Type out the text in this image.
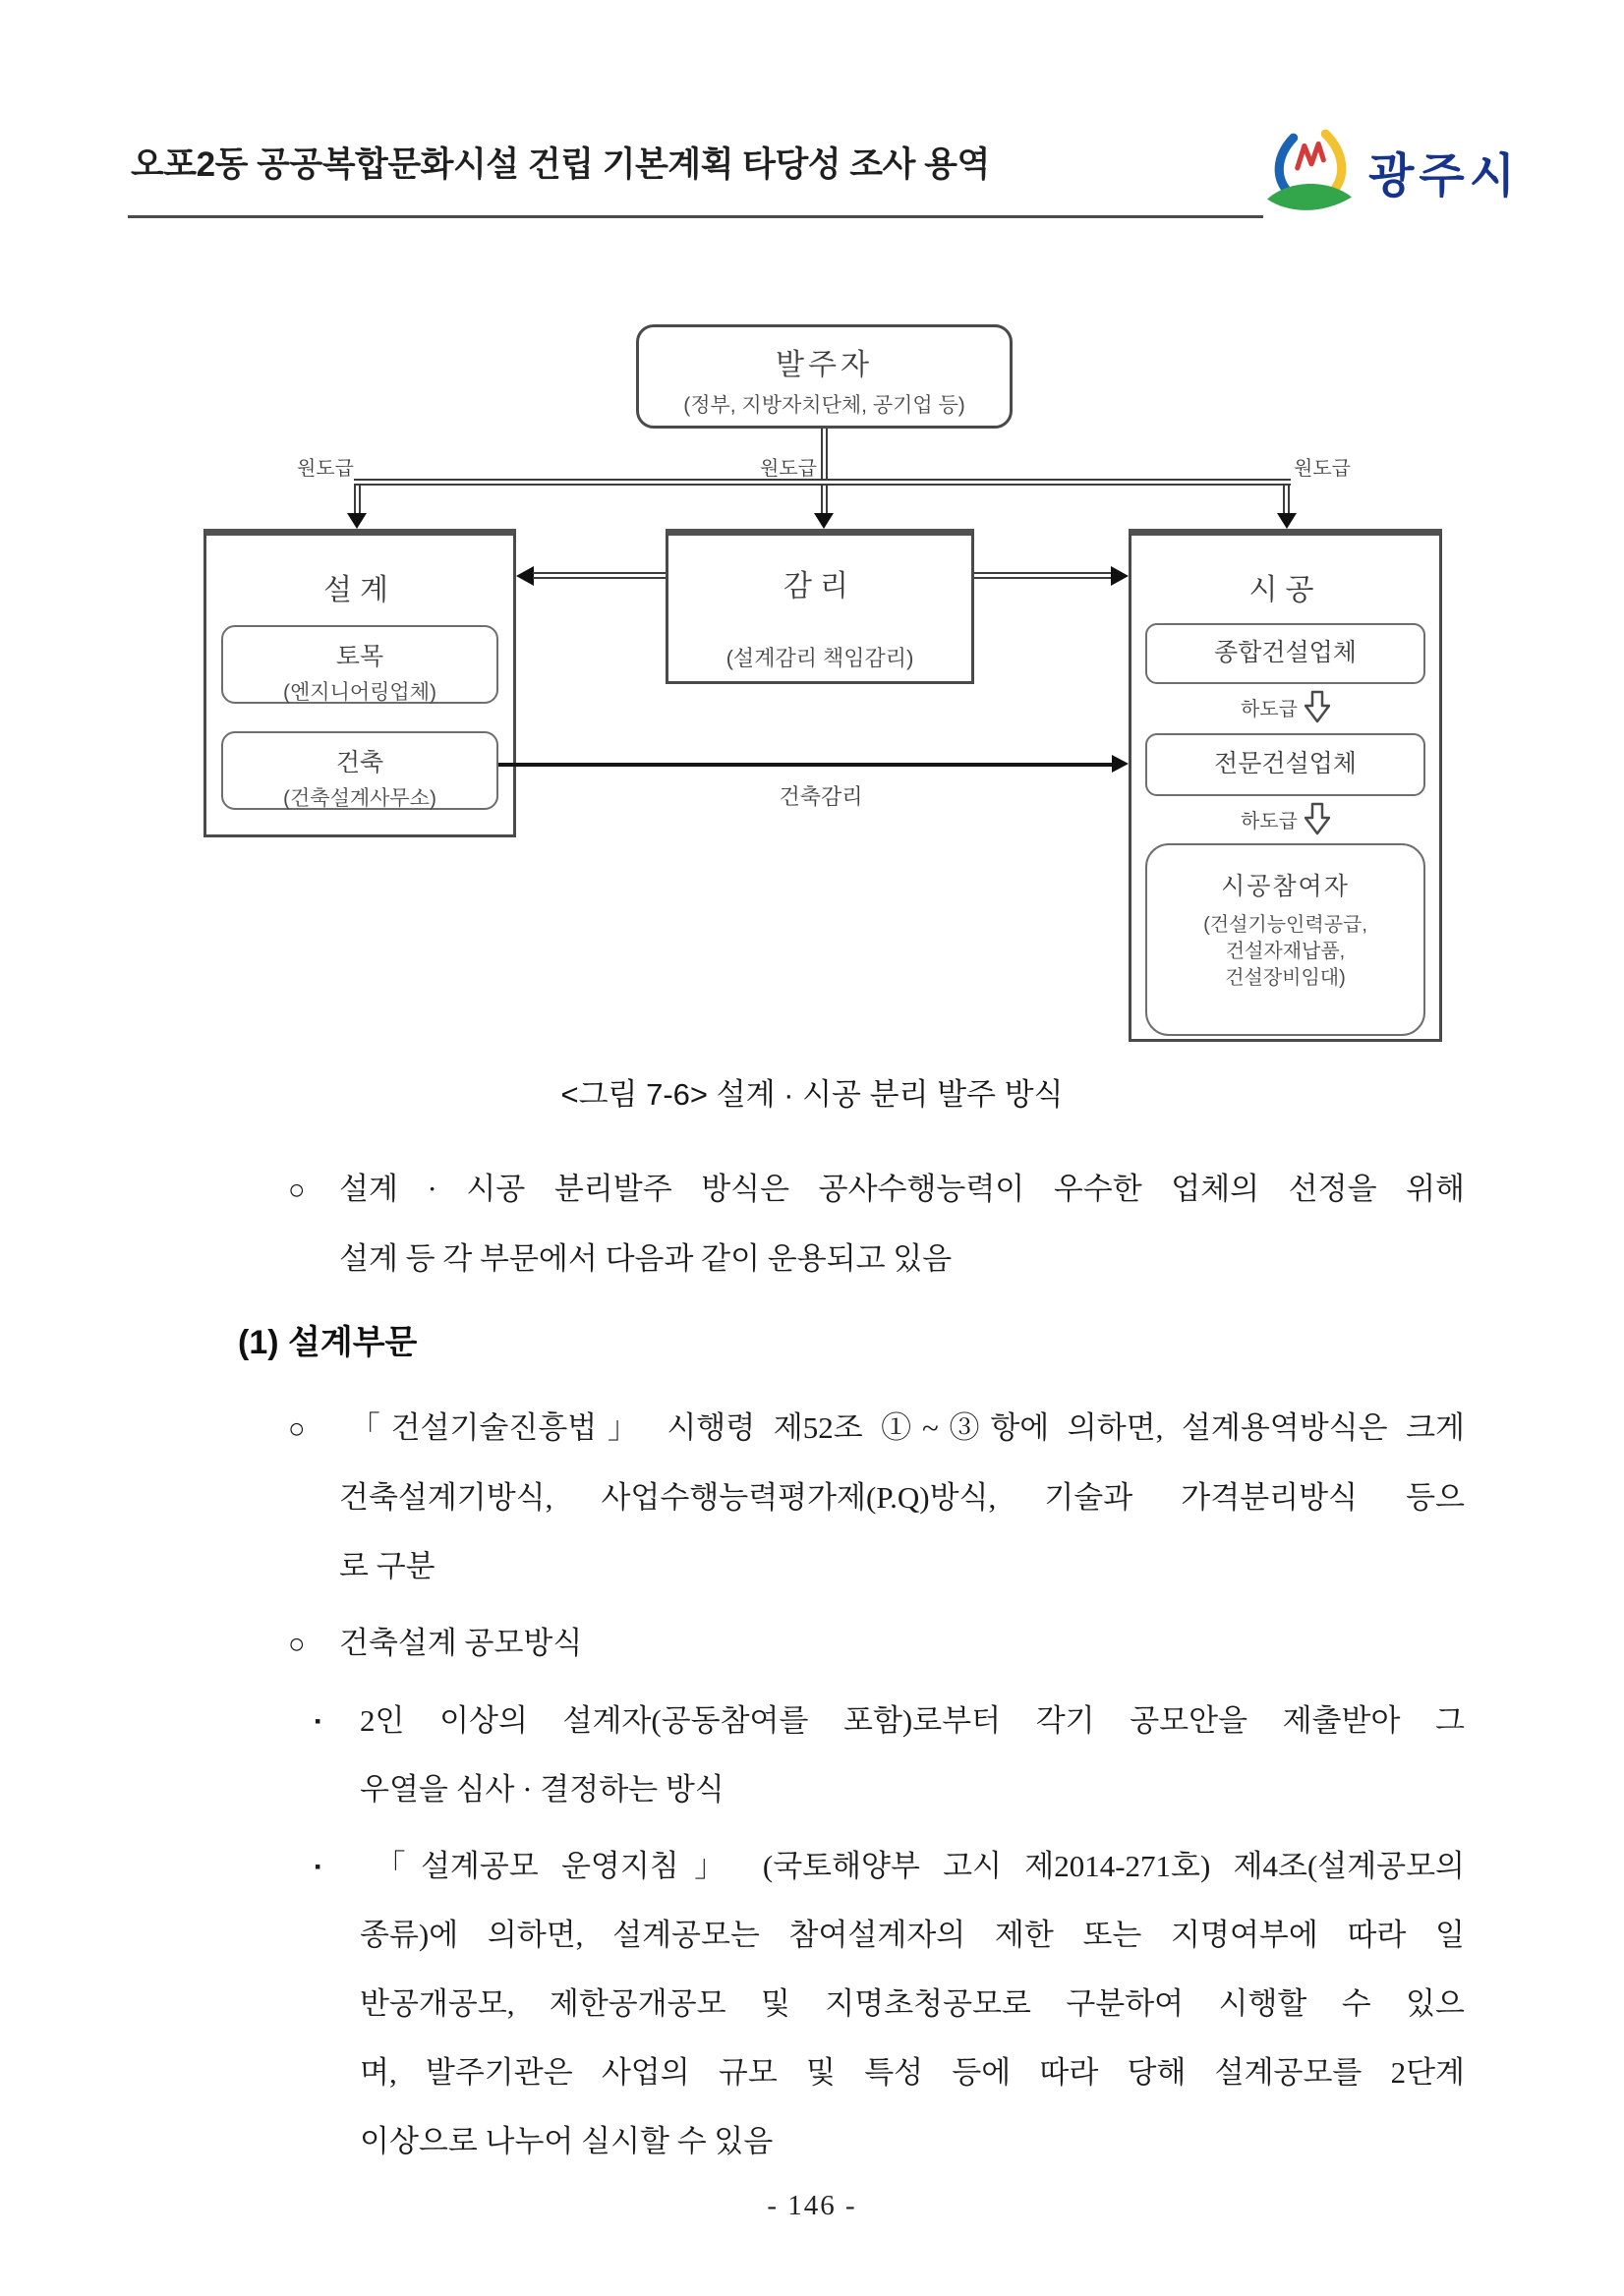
오포2동 공공복합문화시설 건립 기본계획 타당성 조사 용역	광주시
발주자
(정부, 지방자치단체, 공기업 등)
원도급	원도급	원도급
설계
토목
(엔지니어링업체)
건축
(건축설계사무소)
감리
(설계감리 책임감리)
건축감리
시공
종합건설업체
하도급
전문건설업체
하도급
시공참여자
(건설기능인력공급,
건설자재납품,
건설장비임대)
<그림 7-6> 설계 · 시공 분리 발주 방식
○ 설계 · 시공 분리발주 방식은 공사수행능력이 우수한 업체의 선정을 위해
설계 등 각 부문에서 다음과 같이 운용되고 있음
(1) 설계부문
○ 「건설기술진흥법」 시행령 제52조 ①~③항에 의하면, 설계용역방식은 크게
건축설계기방식, 사업수행능력평가제(P.Q)방식, 기술과 가격분리방식 등으
로 구분
○ 건축설계 공모방식
▪ 2인 이상의 설계자(공동참여를 포함)로부터 각기 공모안을 제출받아 그
우열을 심사 · 결정하는 방식
▪ 「설계공모 운영지침」 (국토해양부 고시 제2014-271호) 제4조(설계공모의
종류)에 의하면, 설계공모는 참여설계자의 제한 또는 지명여부에 따라 일
반공개공모, 제한공개공모 및 지명초청공모로 구분하여 시행할 수 있으
며, 발주기관은 사업의 규모 및 특성 등에 따라 당해 설계공모를 2단계
이상으로 나누어 실시할 수 있음
- 146 -
